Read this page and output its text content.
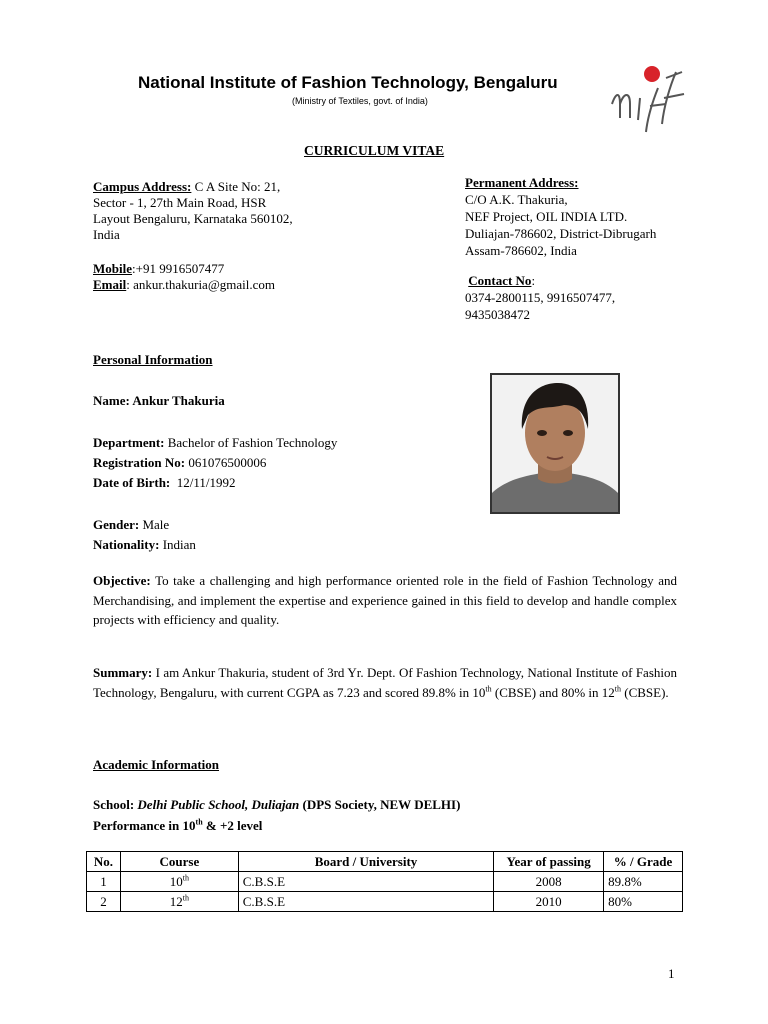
National Institute of Fashion Technology, Bengaluru
(Ministry of Textiles, govt. of India)
CURRICULUM VITAE
Campus Address: C A Site No: 21,
Sector - 1, 27th Main Road, HSR
Layout Bengaluru, Karnataka 560102,
India
Mobile:+91 9916507477
Email: ankur.thakuria@gmail.com
Permanent Address:
C/O A.K. Thakuria,
NEF Project, OIL INDIA LTD.
Duliajan-786602, District-Dibrugarh
Assam-786602, India
Contact No:
0374-2800115, 9916507477,
9435038472
Personal Information
Name: Ankur Thakuria
Department: Bachelor of Fashion Technology
Registration No: 061076500006
Date of Birth:  12/11/1992
Gender: Male
Nationality: Indian
Objective: To take a challenging and high performance oriented role in the field of Fashion Technology and Merchandising, and implement the expertise and experience gained in this field to develop and handle complex projects with efficiency and quality.
Summary: I am Ankur Thakuria, student of 3rd Yr. Dept. Of Fashion Technology, National Institute of Fashion Technology, Bengaluru, with current CGPA as 7.23 and scored 89.8% in 10th (CBSE) and 80% in 12th (CBSE).
Academic Information
School: Delhi Public School, Duliajan (DPS Society, NEW DELHI)
Performance in 10th & +2 level
No.	Course	Board / University	Year of passing	% / Grade
1	10th	C.B.S.E	2008	89.8%
2	12th	C.B.S.E	2010	80%
1
